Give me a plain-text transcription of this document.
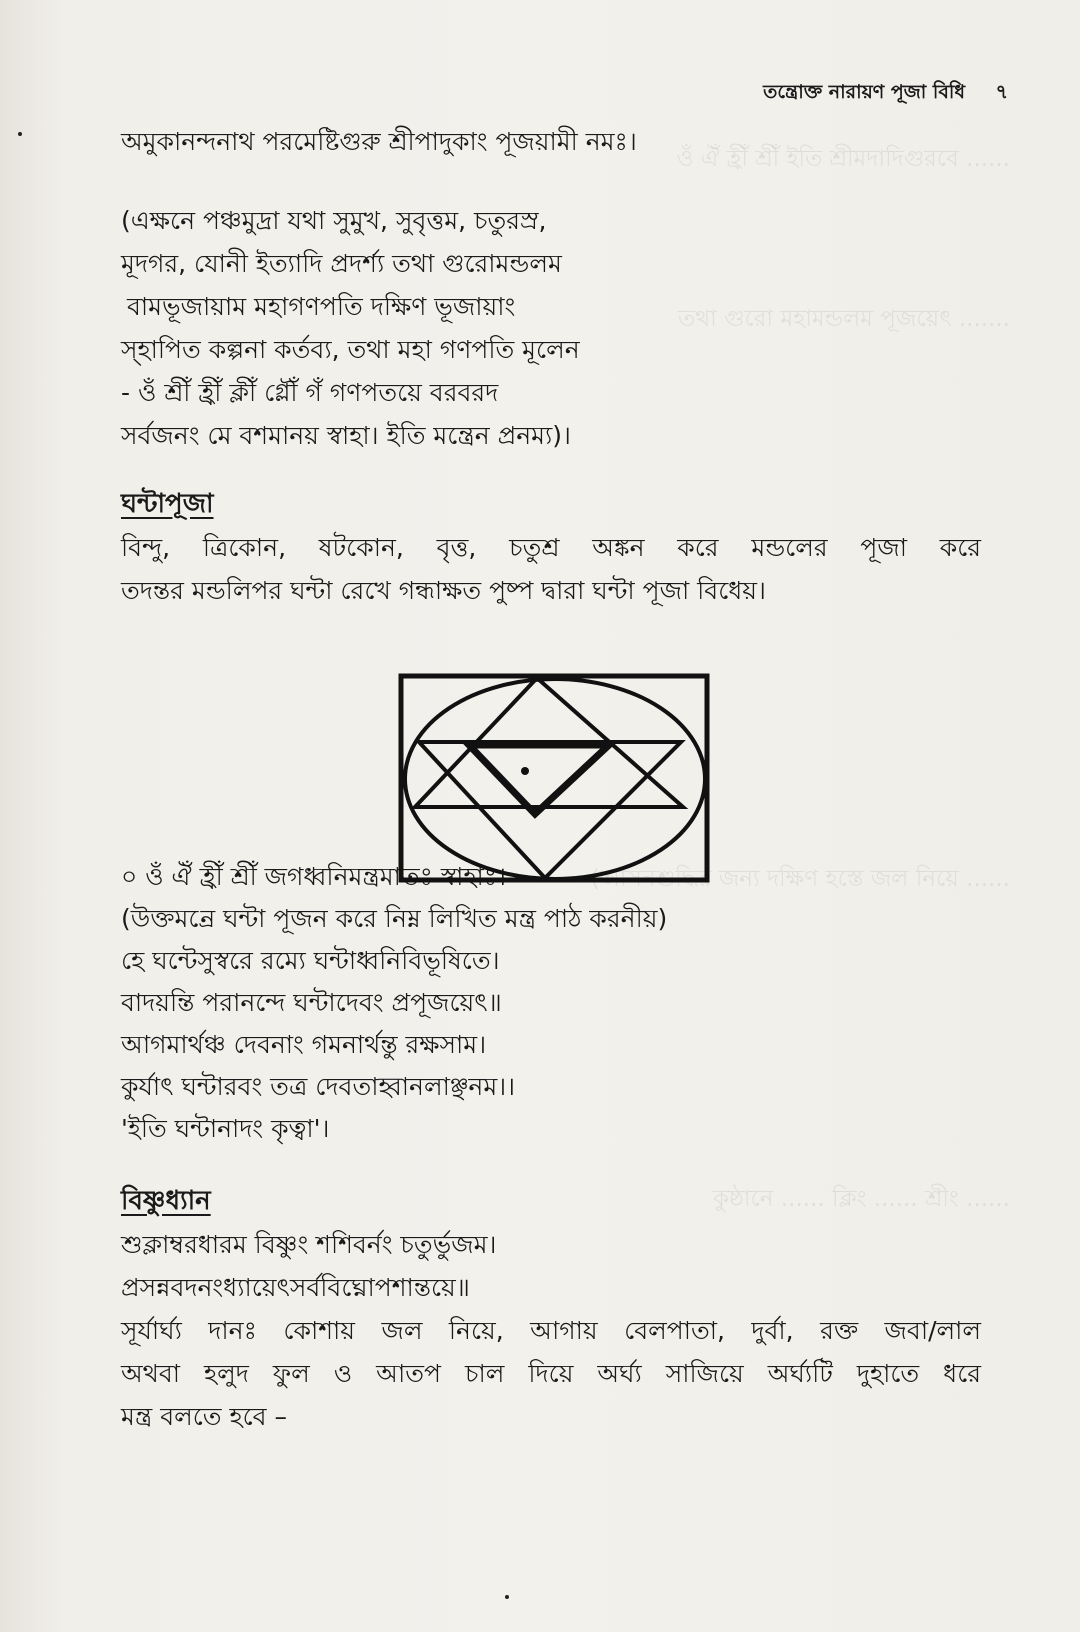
ওঁ ঐঁ হ্রীঁ শ্রীঁ ইতি শ্রীমদাদিগুরবে ......
তথা গুরো মহামন্ডলম পূজয়েৎ .......
(আসনশুদ্ধির জন্য দক্ষিণ হস্তে জল নিয়ে ......
কুষ্ঠানে ...... ক্লিং ...... শ্রীং ......
তন্ত্রোক্ত নারায়ণ পূজা বিধি ৭
অমুকানন্দনাথ পরমেষ্টিগুরু শ্রীপাদুকাং পূজয়ামী নমঃ।
(এক্ষনে পঞ্চমুদ্রা যথা সুমুখ, সুবৃত্তম, চতুরস্র,
মূদগর, যোনী ইত্যাদি প্রদর্শ্য তথা গুরোমন্ডলম
বামভূজায়াম মহাগণপতি দক্ষিণ ভূজায়াং
স্হাপিত কল্পনা কর্তব্য, তথা মহা গণপতি মূলেন
- ওঁ শ্রীঁ হ্রীঁ ক্লীঁ গ্লৌঁ গঁ গণপতয়ে বরবরদ
সর্বজনং মে বশমানয় স্বাহা। ইতি মন্ত্রেন প্রনম্য)।
ঘন্টাপূজা
বিন্দু, ত্রিকোন, ষটকোন, বৃত্ত, চতুশ্র অঙ্কন করে মন্ডলের পূজা করে
তদন্তর মন্ডলিপর ঘন্টা রেখে গন্ধাক্ষত পুষ্প দ্বারা ঘন্টা পূজা বিধেয়।
০ ওঁ ঐঁ হ্রীঁ শ্রীঁ জগধ্বনিমন্ত্রমাতঃ স্বাহাঃ।
(উক্তমন্রে ঘন্টা পূজন করে নিম্ন লিখিত মন্ত্র পাঠ করনীয়)
হে ঘন্টেসুস্বরে রম্যে ঘন্টাধ্বনিবিভূষিতে।
বাদয়ন্তি পরানন্দে ঘন্টাদেবং প্রপূজয়েৎ॥
আগমার্থঞ্চ দেবনাং গমনার্থন্তু রক্ষসাম।
কুর্যাৎ ঘন্টারবং তত্র দেবতাহ্বানলাঞ্ছনম।।
'ইতি ঘন্টানাদং কৃত্বা'।
বিষ্ণুধ্যান
শুক্লাম্বরধারম বিষ্ণুং শশিবর্নং চতুর্ভুজম।
প্রসন্নবদনংধ্যায়েৎসর্ববিঘ্নোপশান্তয়ে॥
সূর্যার্ঘ্য দানঃ কোশায় জল নিয়ে, আগায় বেলপাতা, দুর্বা, রক্ত জবা/লাল
অথবা হলুদ ফুল ও আতপ চাল দিয়ে অর্ঘ্য সাজিয়ে অর্ঘ্যটি দুহাতে ধরে
মন্ত্র বলতে হবে –
